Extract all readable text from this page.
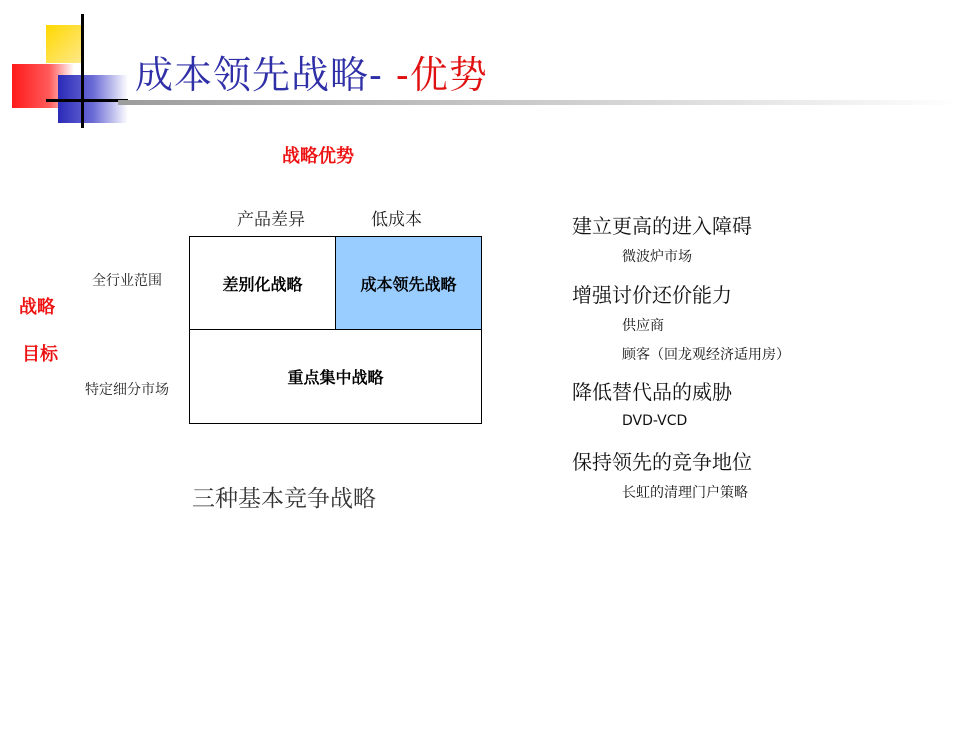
成本领先战略- -优势
战略优势
产品差异	低成本
全行业范围
特定细分市场
战略
目标
差别化战略	成本领先战略
重点集中战略
三种基本竞争战略
建立更高的进入障碍
微波炉市场
增强讨价还价能力
供应商
顾客（回龙观经济适用房）
降低替代品的威胁
DVD-VCD
保持领先的竞争地位
长虹的清理门户策略
